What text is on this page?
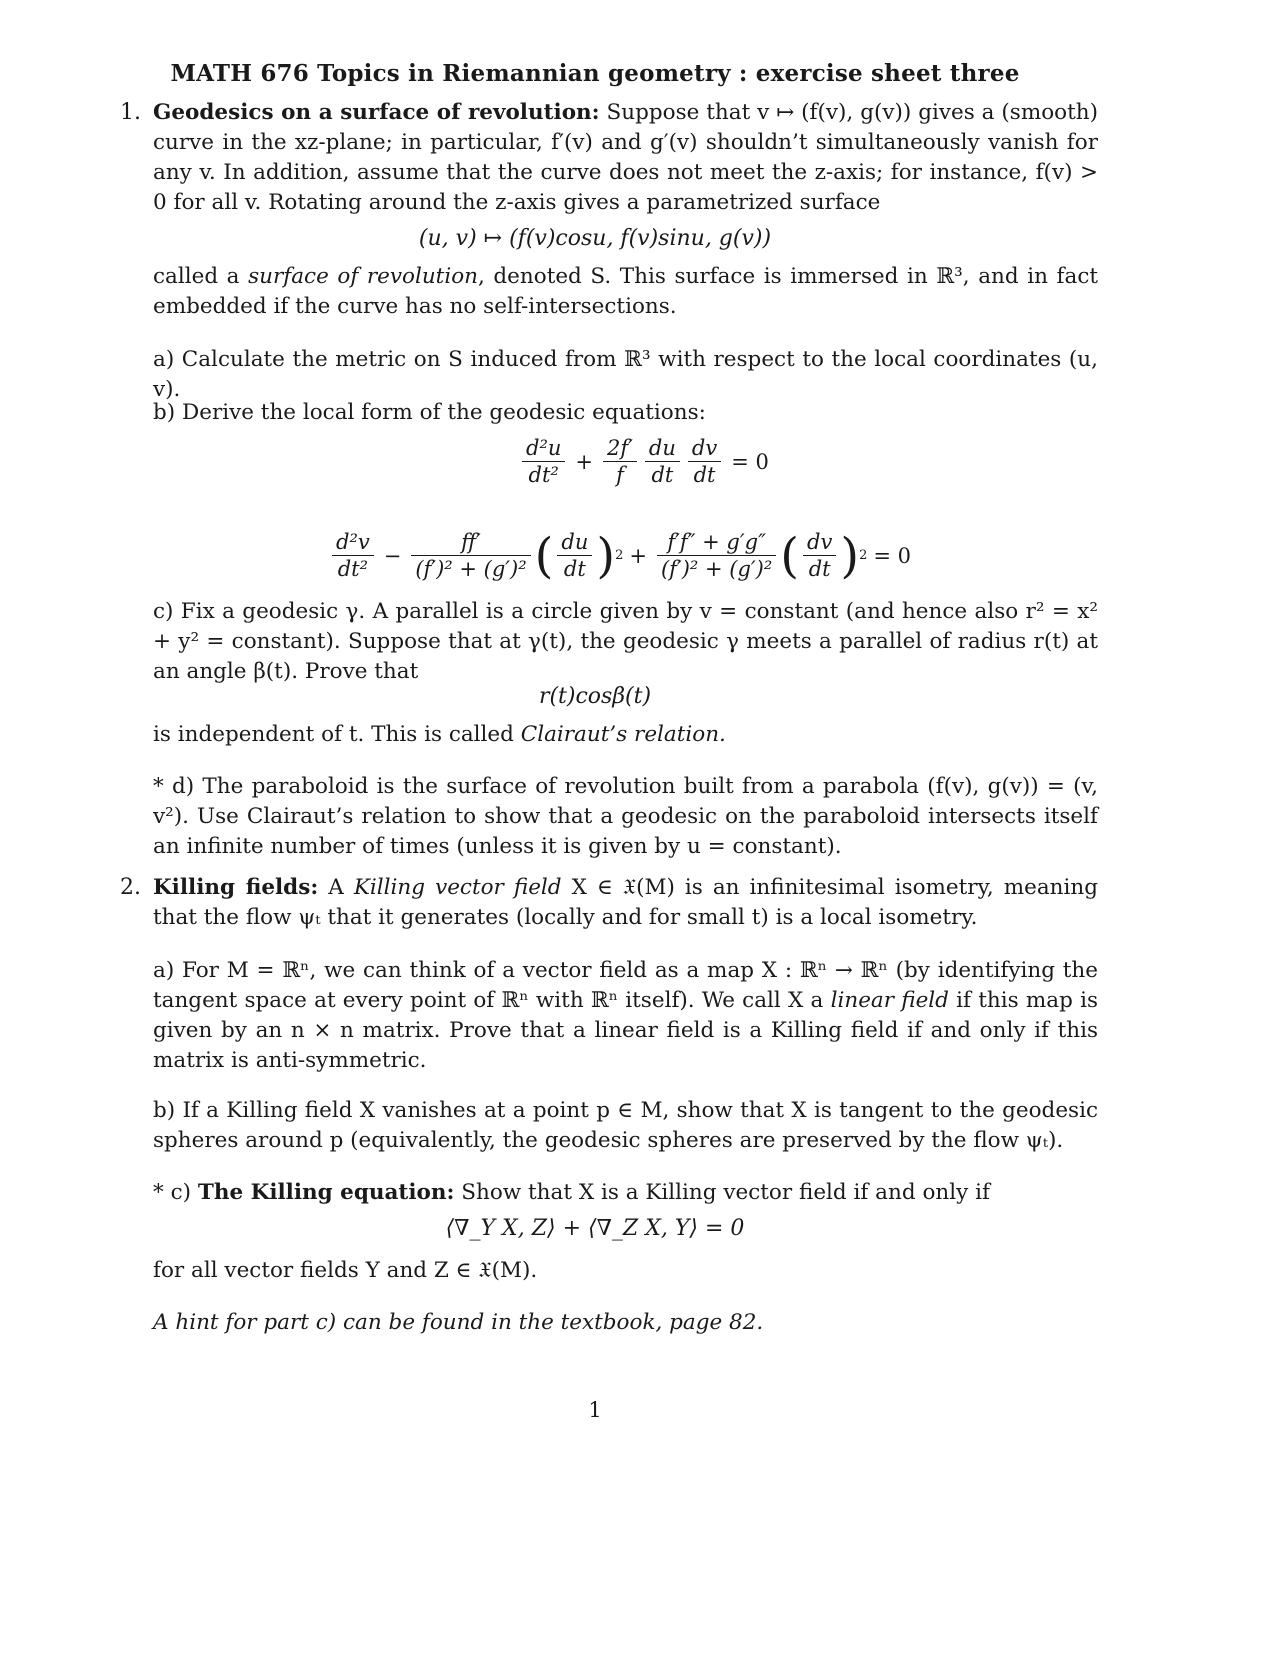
MATH 676 Topics in Riemannian geometry : exercise sheet three
1. Geodesics on a surface of revolution: Suppose that v ↦ (f(v), g(v)) gives a (smooth) curve in the xz-plane; in particular, f′(v) and g′(v) shouldn’t simultaneously vanish for any v. In addition, assume that the curve does not meet the z-axis; for instance, f(v) > 0 for all v. Rotating around the z-axis gives a parametrized surface
(u, v) ↦ (f(v)cosu, f(v)sinu, g(v))
called a surface of revolution, denoted S. This surface is immersed in ℝ³, and in fact embedded if the curve has no self-intersections.
a) Calculate the metric on S induced from ℝ³ with respect to the local coordinates (u, v).
b) Derive the local form of the geodesic equations:
$\frac{\text{d²u}}{\text{dt²}} + \frac{2f'}{f} \frac{du}{dt} \frac{dv}{dt} = 0$
$\frac{\text{d²v}}{\text{dt²}} - \frac{ff'}{\text{(f′)² + (g′)²}}$ ( $\frac{du}{dt}$ ) $2 + \frac{f'f'' + g'g''}{\text{(f′)² + (g′)²}}$ ( $\frac{dv}{dt}$ ) 2 = 0
c) Fix a geodesic γ. A parallel is a circle given by v = constant (and hence also r² = x² + y² = constant). Suppose that at γ(t), the geodesic γ meets a parallel of radius r(t) at an angle β(t). Prove that
r(t)cosβ(t)
is independent of t. This is called Clairaut’s relation.
* d) The paraboloid is the surface of revolution built from a parabola (f(v), g(v)) = (v, v²). Use Clairaut’s relation to show that a geodesic on the paraboloid intersects itself an infinite number of times (unless it is given by u = constant).
2. Killing fields: A Killing vector field X ∈ 𝔛(M) is an infinitesimal isometry, meaning that the flow ψₜ that it generates (locally and for small t) is a local isometry.
a) For M = ℝⁿ, we can think of a vector field as a map X : ℝⁿ → ℝⁿ (by identifying the tangent space at every point of ℝⁿ with ℝⁿ itself). We call X a linear field if this map is given by an n × n matrix. Prove that a linear field is a Killing field if and only if this matrix is anti-symmetric.
b) If a Killing field X vanishes at a point p ∈ M, show that X is tangent to the geodesic spheres around p (equivalently, the geodesic spheres are preserved by the flow ψₜ).
* c) The Killing equation: Show that X is a Killing vector field if and only if
⟨∇_Y X, Z⟩ + ⟨∇_Z X, Y⟩ = 0
for all vector fields Y and Z ∈ 𝔛(M).
A hint for part c) can be found in the textbook, page 82.
1
